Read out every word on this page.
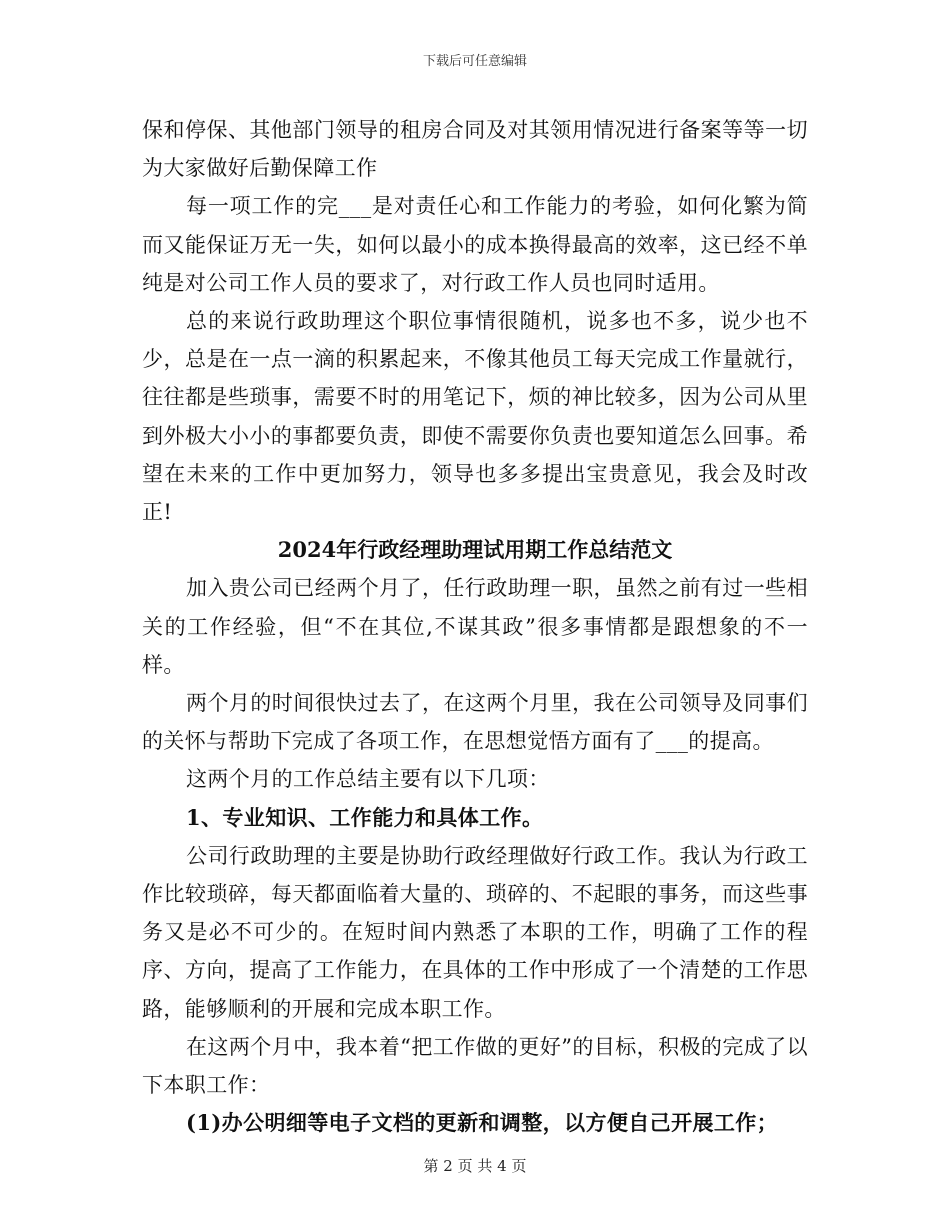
下载后可任意编辑

保和停保、其他部门领导的租房合同及对其领用情况进行备案等等一切为大家做好后勤保障工作

每一项工作的完___是对责任心和工作能力的考验，如何化繁为简而又能保证万无一失，如何以最小的成本换得最高的效率，这已经不单纯是对公司工作人员的要求了，对行政工作人员也同时适用。

总的来说行政助理这个职位事情很随机，说多也不多，说少也不少，总是在一点一滴的积累起来，不像其他员工每天完成工作量就行，往往都是些琐事，需要不时的用笔记下，烦的神比较多，因为公司从里到外极大小小的事都要负责，即使不需要你负责也要知道怎么回事。希望在未来的工作中更加努力，领导也多多提出宝贵意见，我会及时改正!

2024年行政经理助理试用期工作总结范文

加入贵公司已经两个月了，任行政助理一职，虽然之前有过一些相关的工作经验，但“不在其位,不谋其政”很多事情都是跟想象的不一样。

两个月的时间很快过去了，在这两个月里，我在公司领导及同事们的关怀与帮助下完成了各项工作，在思想觉悟方面有了___的提高。

这两个月的工作总结主要有以下几项：

1、专业知识、工作能力和具体工作。

公司行政助理的主要是协助行政经理做好行政工作。我认为行政工作比较琐碎，每天都面临着大量的、琐碎的、不起眼的事务，而这些事务又是必不可少的。在短时间内熟悉了本职的工作，明确了工作的程序、方向，提高了工作能力，在具体的工作中形成了一个清楚的工作思路，能够顺利的开展和完成本职工作。

在这两个月中，我本着“把工作做的更好”的目标，积极的完成了以下本职工作：

(1)办公明细等电子文档的更新和调整，以方便自己开展工作；

第 2 页 共 4 页
